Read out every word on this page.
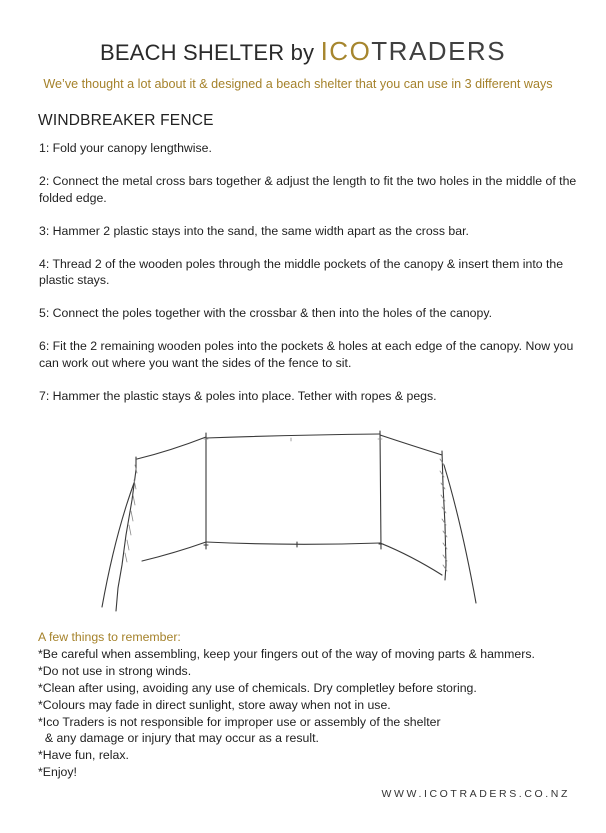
BEACH SHELTER by ICOTRADERS
We’ve thought a lot about it & designed a beach shelter that you can use in 3 different ways
WINDBREAKER FENCE

1: Fold your canopy lengthwise.

2: Connect the metal cross bars together & adjust the length to fit the two holes in the middle of the folded edge.

3: Hammer 2 plastic stays into the sand, the same width apart as the cross bar.

4: Thread 2 of the wooden poles through the middle pockets of the canopy & insert them into the plastic stays.

5: Connect the poles together with the crossbar & then into the holes of the canopy.

6: Fit the 2 remaining wooden poles into the pockets & holes at each edge of the canopy. Now you can work out where you want the sides of the fence to sit.

7: Hammer the plastic stays & poles into place. Tether with ropes & pegs.

A few things to remember:

*Be careful when assembling, keep your fingers out of the way of moving parts & hammers.

*Do not use in strong winds.

*Clean after using, avoiding any use of chemicals. Dry completley before storing.

*Colours may fade in direct sunlight, store away when not in use.

*Ico Traders is not responsible for improper use or assembly of the shelter

& any damage or injury that may occur as a result.

*Have fun, relax.

*Enjoy!

WWW.ICOTRADERS.CO.NZ
